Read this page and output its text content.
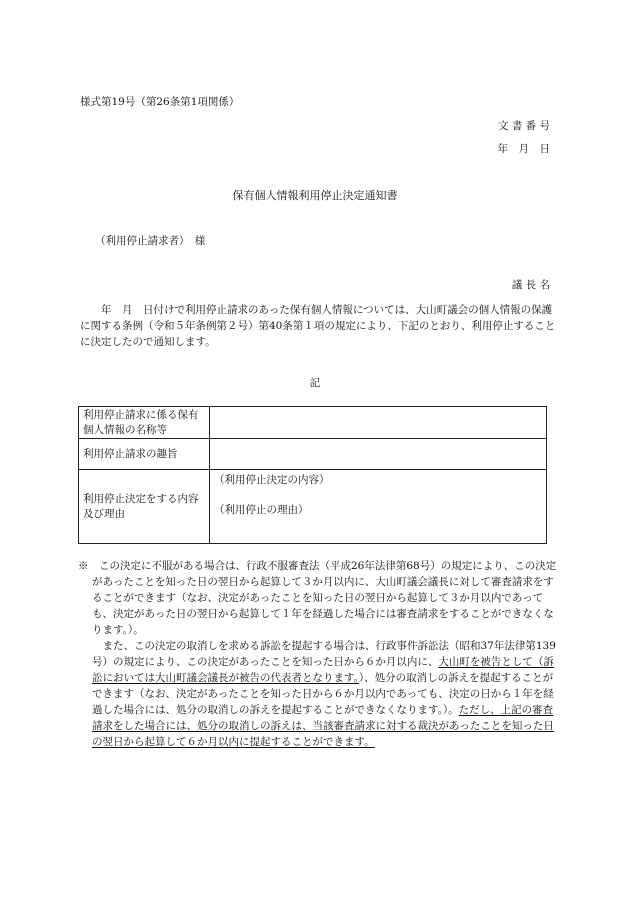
様式第19号（第26条第1項関係）
文 書 番 号
年　月　日
保有個人情報利用停止決定通知書
（利用停止請求者）　様
議 長 名

　　年　月　日付けで利用停止請求のあった保有個人情報については、大山町議会の個人情報の保護に関する条例（令和５年条例第２号）第40条第１項の規定により、下記のとおり、利用停止することに決定したので通知します。

記
利用停止請求に係る保有個人情報の名称等	
利用停止請求の趣旨	
利用停止決定をする内容及び理由	（利用停止決定の内容）
（利用停止の理由）

※　 この決定に不服がある場合は、行政不服審査法（平成26年法律第68号）の規定により、この決定があったことを知った日の翌日から起算して３か月以内に、大山町議会議長に対して審査請求をすることができます（なお、決定があったことを知った日の翌日から起算して３か月以内であっても、決定があった日の翌日から起算して１年を経過した場合には審査請求をすることができなくなります。）。

　また、この決定の取消しを求める訴訟を提起する場合は、行政事件訴訟法（昭和37年法律第139号）の規定により、この決定があったことを知った日から６か月以内に、大山町を被告として（訴訟においては大山町議会議長が被告の代表者となります。）、処分の取消しの訴えを提起することができます（なお、決定があったことを知った日から６か月以内であっても、決定の日から１年を経過した場合には、処分の取消しの訴えを提起することができなくなります。）。ただし、上記の審査請求をした場合には、処分の取消しの訴えは、当該審査請求に対する裁決があったことを知った日の翌日から起算して６か月以内に提起することができます。
